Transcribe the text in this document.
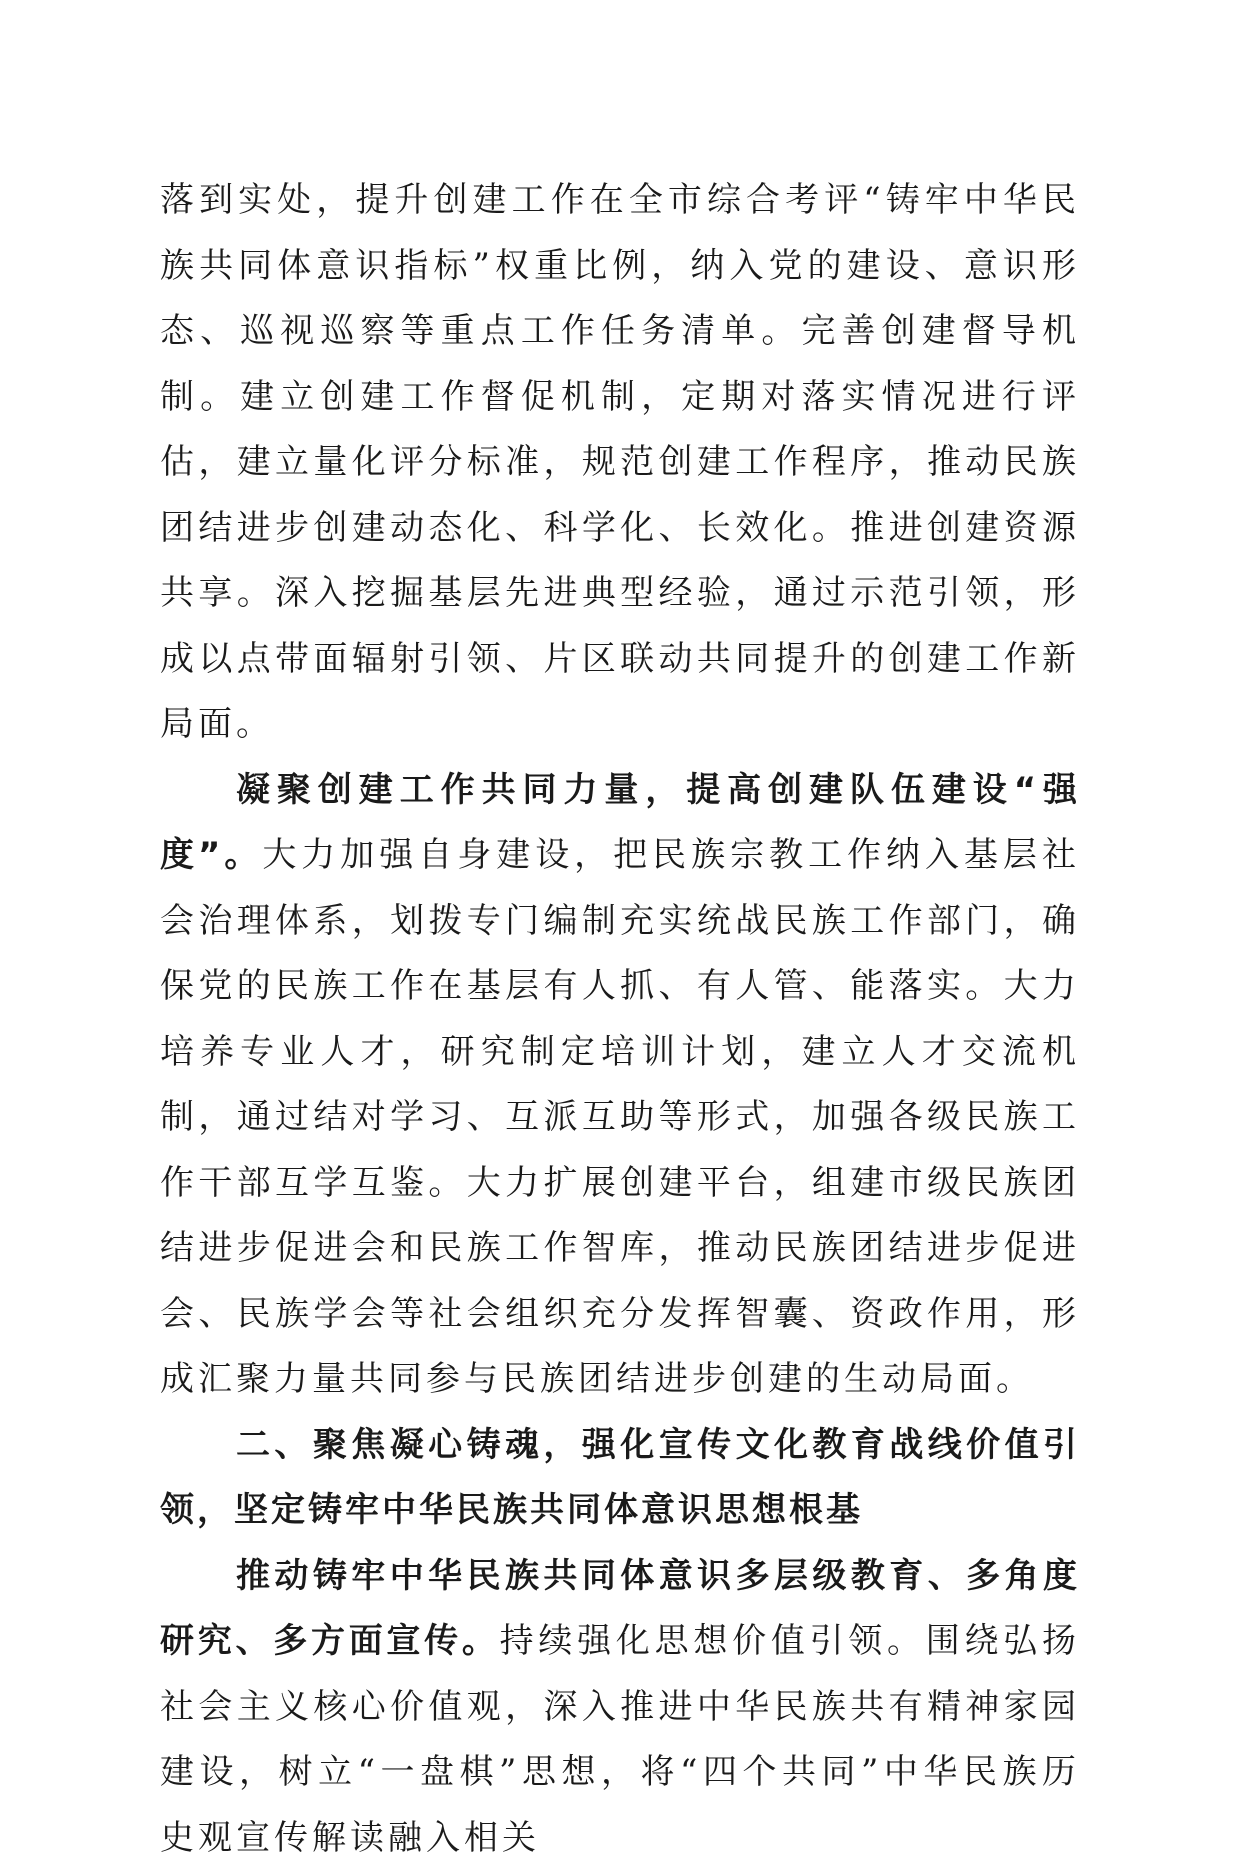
落到实处，提升创建工作在全市综合考评“铸牢中华民族共同体意识指标”权重比例，纳入党的建设、意识形态、巡视巡察等重点工作任务清单。完善创建督导机制。建立创建工作督促机制，定期对落实情况进行评估，建立量化评分标准，规范创建工作程序，推动民族团结进步创建动态化、科学化、长效化。推进创建资源共享。深入挖掘基层先进典型经验，通过示范引领，形成以点带面辐射引领、片区联动共同提升的创建工作新局面。

凝聚创建工作共同力量，提高创建队伍建设“强度”。大力加强自身建设，把民族宗教工作纳入基层社会治理体系，划拨专门编制充实统战民族工作部门，确保党的民族工作在基层有人抓、有人管、能落实。大力培养专业人才，研究制定培训计划，建立人才交流机制，通过结对学习、互派互助等形式，加强各级民族工作干部互学互鉴。大力扩展创建平台，组建市级民族团结进步促进会和民族工作智库，推动民族团结进步促进会、民族学会等社会组织充分发挥智囊、资政作用，形成汇聚力量共同参与民族团结进步创建的生动局面。

二、聚焦凝心铸魂，强化宣传文化教育战线价值引领，坚定铸牢中华民族共同体意识思想根基

推动铸牢中华民族共同体意识多层级教育、多角度研究、多方面宣传。持续强化思想价值引领。围绕弘扬社会主义核心价值观，深入推进中华民族共有精神家园建设，树立“一盘棋”思想，将“四个共同”中华民族历史观宣传解读融入相关
